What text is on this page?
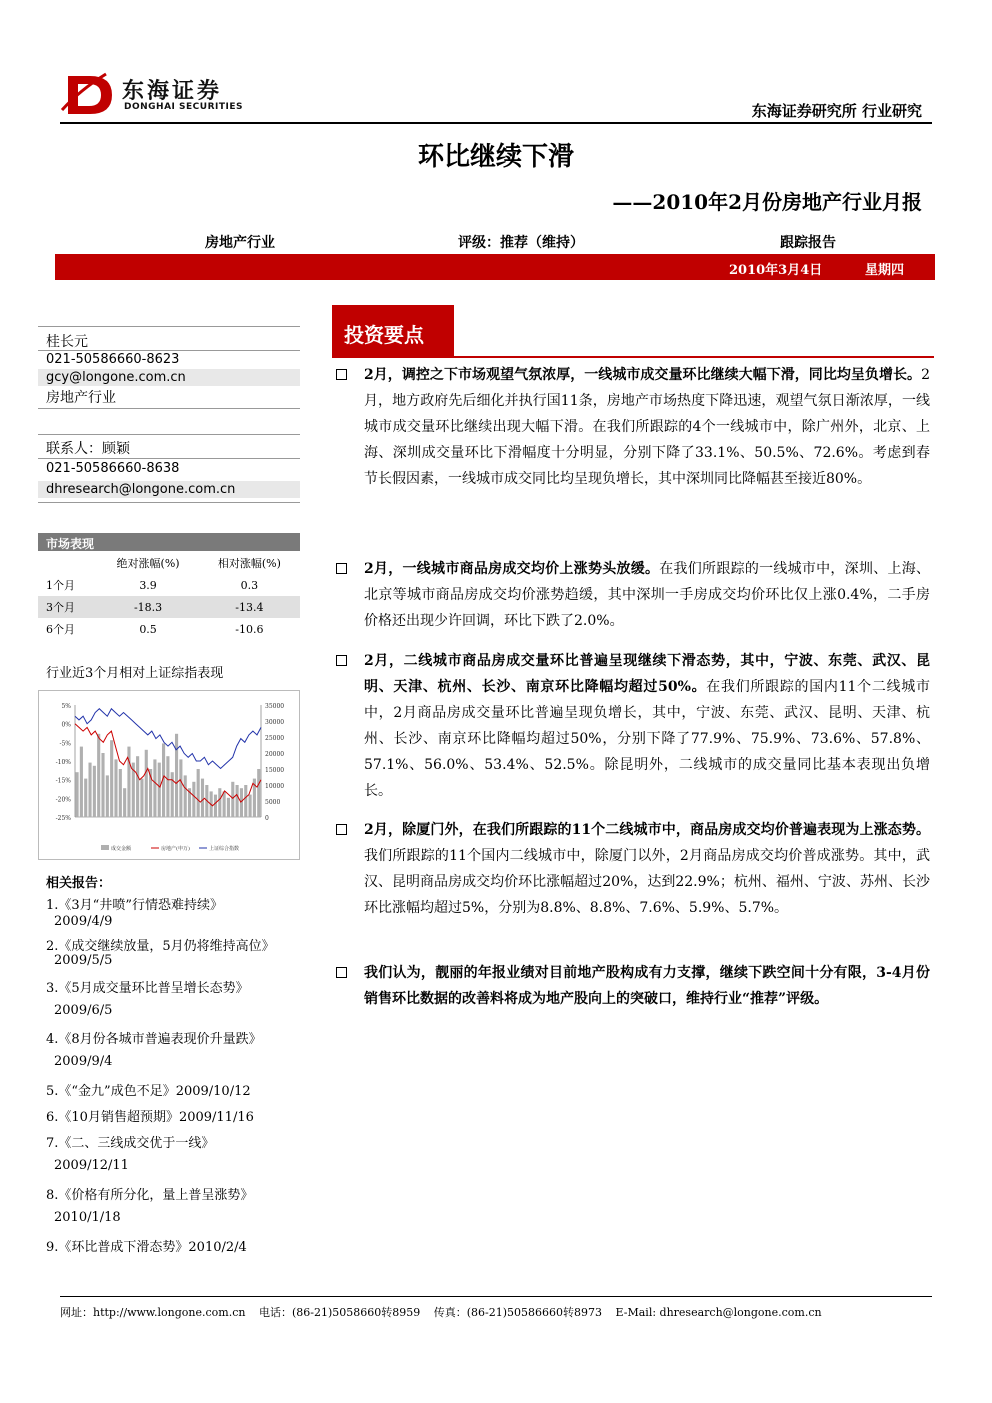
东海证券
DONGHAI SECURITIES	东海证券研究所 行业研究
环比继续下滑
——2010年2月份房地产行业月报
房地产行业	评级：推荐（维持）	跟踪报告
2010年3月4日	星期四
桂长元
021-50586660-8623
gcy@longone.com.cn
房地产行业
联系人：顾颖
021-50586660-8638
dhresearch@longone.com.cn
市场表现
	绝对涨幅(%)	相对涨幅(%)
1个月	3.9	0.3
3个月	-18.3	-13.4
6个月	0.5	-10.6
行业近3个月相对上证综指表现
5%
0%
-5%
-10%
-15%
-20%
-25%
35000
30000
25000
20000
15000
10000
5000
0
成交金额	房地产(申万)	上证综合指数
相关报告：
1.《3月“井喷”行情恐难持续》
2009/4/9
2.《成交继续放量，5月仍将维持高位》
2009/5/5
3.《5月成交量环比普呈增长态势》
2009/6/5
4.《8月份各城市普遍表现价升量跌》
2009/9/4
5.《“金九”成色不足》2009/10/12
6.《10月销售超预期》2009/11/16
7.《二、三线成交优于一线》
2009/12/11
8.《价格有所分化，量上普呈涨势》
2010/1/18
9.《环比普成下滑态势》2010/2/4
投资要点
2月，调控之下市场观望气氛浓厚，一线城市成交量环比继续大幅下滑，同比均呈负增长。2月，地方政府先后细化并执行国11条，房地产市场热度下降迅速，观望气氛日渐浓厚，一线城市成交量环比继续出现大幅下滑。在我们所跟踪的4个一线城市中，除广州外，北京、上海、深圳成交量环比下滑幅度十分明显，分别下降了33.1%、50.5%、72.6%。考虑到春节长假因素，一线城市成交同比均呈现负增长，其中深圳同比降幅甚至接近80%。
2月，一线城市商品房成交均价上涨势头放缓。在我们所跟踪的一线城市中，深圳、上海、北京等城市商品房成交均价涨势趋缓，其中深圳一手房成交均价环比仅上涨0.4%，二手房价格还出现少许回调，环比下跌了2.0%。
2月，二线城市商品房成交量环比普遍呈现继续下滑态势，其中，宁波、东莞、武汉、昆明、天津、杭州、长沙、南京环比降幅均超过50%。在我们所跟踪的国内11个二线城市中，2月商品房成交量环比普遍呈现负增长，其中，宁波、东莞、武汉、昆明、天津、杭州、长沙、南京环比降幅均超过50%，分别下降了77.9%、75.9%、73.6%、57.8%、57.1%、56.0%、53.4%、52.5%。除昆明外，二线城市的成交量同比基本表现出负增长。
2月，除厦门外，在我们所跟踪的11个二线城市中，商品房成交均价普遍表现为上涨态势。我们所跟踪的11个国内二线城市中，除厦门以外，2月商品房成交均价普成涨势。其中，武汉、昆明商品房成交均价环比涨幅超过20%，达到22.9%；杭州、福州、宁波、苏州、长沙环比涨幅均超过5%，分别为8.8%、8.8%、7.6%、5.9%、5.7%。
我们认为，靓丽的年报业绩对目前地产股构成有力支撑，继续下跌空间十分有限，3-4月份销售环比数据的改善料将成为地产股向上的突破口，维持行业“推荐”评级。
网址：http://www.longone.com.cn 电话：(86-21)5058660转8959 传真：(86-21)50586660转8973 E-Mail: dhresearch@longone.com.cn
